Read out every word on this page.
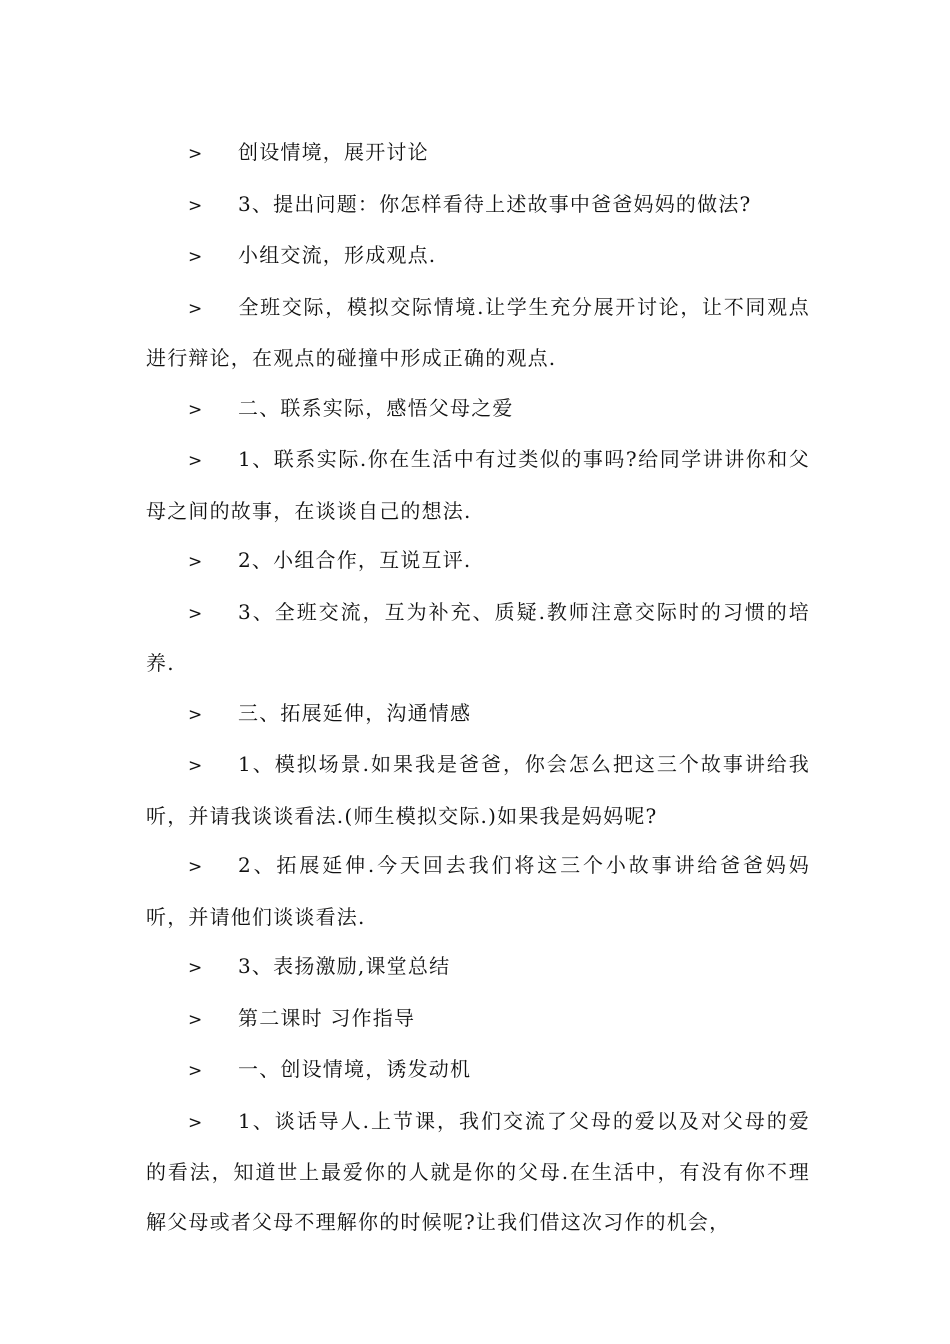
> 创设情境，展开讨论

> 3、提出问题：你怎样看待上述故事中爸爸妈妈的做法?

> 小组交流，形成观点.

> 全班交际，模拟交际情境.让学生充分展开讨论，让不同观点进行辩论，在观点的碰撞中形成正确的观点.

> 二、联系实际，感悟父母之爱

> 1、联系实际.你在生活中有过类似的事吗?给同学讲讲你和父母之间的故事，在谈谈自己的想法.

> 2、小组合作，互说互评.

> 3、全班交流，互为补充、质疑.教师注意交际时的习惯的培养.

> 三、拓展延伸，沟通情感

> 1、模拟场景.如果我是爸爸，你会怎么把这三个故事讲给我听，并请我谈谈看法.(师生模拟交际.)如果我是妈妈呢?

> 2、拓展延伸.今天回去我们将这三个小故事讲给爸爸妈妈听，并请他们谈谈看法.

> 3、表扬激励,课堂总结

> 第二课时 习作指导

> 一、创设情境，诱发动机

> 1、谈话导人.上节课，我们交流了父母的爱以及对父母的爱的看法，知道世上最爱你的人就是你的父母.在生活中，有没有你不理解父母或者父母不理解你的时候呢?让我们借这次习作的机会，
